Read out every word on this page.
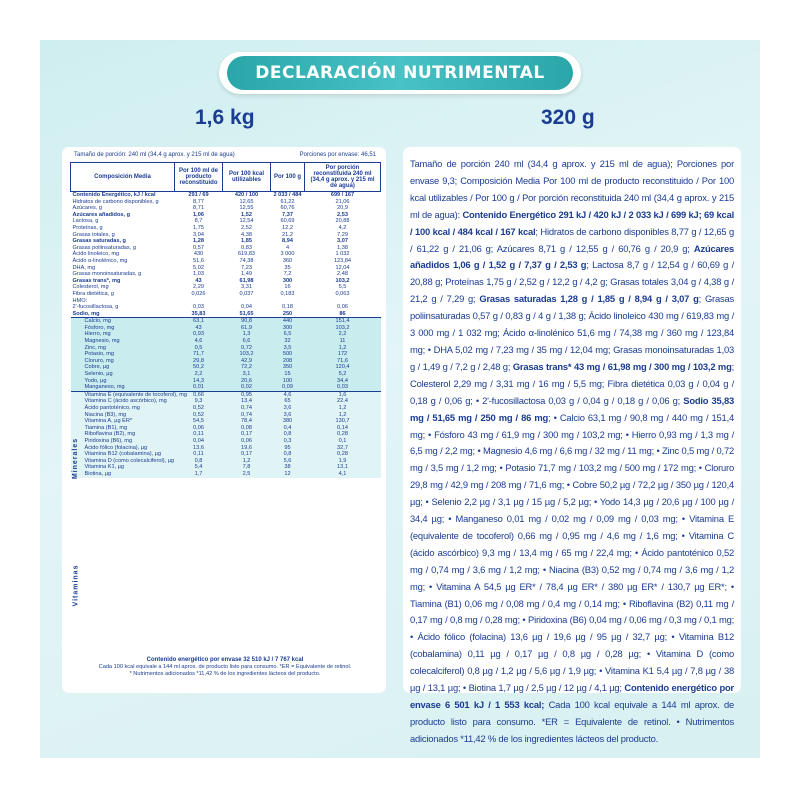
DECLARACIÓN NUTRIMENTAL
1,6 kg	320 g
Tamaño de porción: 240 ml (34,4 g aprox. y 215 ml de agua)	Porciones por envase: 46,51
Composición Media	Por 100 ml de producto reconstituido	Por 100 kcal utilizables	Por 100 g	Por porción reconstituida 240 ml (34,4 g aprox. y 215 ml de agua)
Contenido Energético, kJ / kcal	291 / 69	420 / 100	2 033 / 484	699 / 167
Hidratos de carbono disponibles, g	8,77	12,65	61,22	21,06
Azúcares, g	8,71	12,55	60,76	20,9
Azúcares añadidos, g	1,06	1,52	7,37	2,53
Lactosa, g	8,7	12,54	60,69	20,88
Proteínas, g	1,75	2,52	12,2	4,2
Grasas totales, g	3,04	4,38	21,2	7,29
Grasas saturadas, g	1,28	1,85	8,94	3,07
Grasas poliinsaturadas, g	0,57	0,83	4	1,38
Ácido linoleico, mg	430	619,83	3 000	1 032
Ácido α-linolénico, mg	51,6	74,38	360	123,84
DHA, mg	5,02	7,23	35	12,04
Grasas monoinsaturadas, g	1,03	1,49	7,2	2,48
Grasas trans*, mg	43	61,98	300	103,2
Colesterol, mg	2,29	3,31	16	5,5
Fibra dietética, g	0,026	0,037	0,183	0,063
HMO:				
2'-fucosillactosa, g	0,03	0,04	0,18	0,06
Sodio, mg	35,83	51,65	250	86
Calcio, mg	63,1	90,8	440	151,4
Fósforo, mg	43	61,9	300	103,2
Hierro, mg	0,93	1,3	6,5	2,2
Magnesio, mg	4,6	6,6	32	11
Zinc, mg	0,5	0,72	3,5	1,2
Potasio, mg	71,7	103,2	500	172
Cloruro, mg	29,8	42,9	208	71,6
Cobre, µg	50,2	72,2	350	120,4
Selenio, µg	2,2	3,1	15	5,2
Yodo, µg	14,3	20,6	100	34,4
Manganeso, mg	0,01	0,02	0,09	0,03
Vitamina E (equivalente de tocoferol), mg	0,66	0,95	4,6	1,6
Vitamina C (ácido ascórbico), mg	9,3	13,4	65	22,4
Ácido pantoténico, mg	0,52	0,74	3,6	1,2
Niacina (B3), mg	0,52	0,74	3,6	1,2
Vitamina A, µg ER*	54,5	78,4	380	130,7
Tiamina (B1), mg	0,06	0,08	0,4	0,14
Riboflavina (B2), mg	0,11	0,17	0,8	0,28
Piridoxina (B6), mg	0,04	0,06	0,3	0,1
Ácido fólico (folacina), µg	13,6	19,6	95	32,7
Vitamina B12 (cobalamina), µg	0,11	0,17	0,8	0,28
Vitamina D (como colecalciferol), µg	0,8	1,2	5,6	1,9
Vitamina K1, µg	5,4	7,8	38	13,1
Biotina, µg	1,7	2,5	12	4,1
Minerales
Vitaminas
Contenido energético por envase 32 510 kJ / 7 767 kcal
Cada 100 kcal equivale a 144 ml aprox. de producto listo para consumo. *ER = Equivalente de retinol.
* Nutrimentos adicionados *11,42 % de los ingredientes lácteos del producto.
Tamaño de porción 240 ml (34,4 g aprox. y 215 ml de agua); Porciones por envase 9,3; Composición Media Por 100 ml de producto reconstituido / Por 100 kcal utilizables / Por 100 g / Por porción reconstituida 240 ml (34,4 g aprox. y 215 ml de agua): Contenido Energético 291 kJ / 420 kJ / 2 033 kJ / 699 kJ; 69 kcal / 100 kcal / 484 kcal / 167 kcal; Hidratos de carbono disponibles 8,77 g / 12,65 g / 61,22 g / 21,06 g; Azúcares 8,71 g / 12,55 g / 60,76 g / 20,9 g; Azúcares añadidos 1,06 g / 1,52 g / 7,37 g / 2,53 g; Lactosa 8,7 g / 12,54 g / 60,69 g / 20,88 g; Proteínas 1,75 g / 2,52 g / 12,2 g / 4,2 g; Grasas totales 3,04 g / 4,38 g / 21,2 g / 7,29 g; Grasas saturadas 1,28 g / 1,85 g / 8,94 g / 3,07 g; Grasas poliinsaturadas 0,57 g / 0,83 g / 4 g / 1,38 g; Ácido linoleico 430 mg / 619,83 mg / 3 000 mg / 1 032 mg; Ácido α-linolénico 51,6 mg / 74,38 mg / 360 mg / 123,84 mg; • DHA 5,02 mg / 7,23 mg / 35 mg / 12,04 mg; Grasas monoinsaturadas 1,03 g / 1,49 g / 7,2 g / 2,48 g; Grasas trans* 43 mg / 61,98 mg / 300 mg / 103,2 mg; Colesterol 2,29 mg / 3,31 mg / 16 mg / 5,5 mg; Fibra dietética 0,03 g / 0,04 g / 0,18 g / 0,06 g; • 2'-fucosillactosa 0,03 g / 0,04 g / 0,18 g / 0,06 g; Sodio 35,83 mg / 51,65 mg / 250 mg / 86 mg; • Calcio 63,1 mg / 90,8 mg / 440 mg / 151,4 mg; • Fósforo 43 mg / 61,9 mg / 300 mg / 103,2 mg; • Hierro 0,93 mg / 1,3 mg / 6,5 mg / 2,2 mg; • Magnesio 4,6 mg / 6,6 mg / 32 mg / 11 mg; • Zinc 0,5 mg / 0,72 mg / 3,5 mg / 1,2 mg; • Potasio 71,7 mg / 103,2 mg / 500 mg / 172 mg; • Cloruro 29,8 mg / 42,9 mg / 208 mg / 71,6 mg; • Cobre 50,2 µg / 72,2 µg / 350 µg / 120,4 µg; • Selenio 2,2 µg / 3,1 µg / 15 µg / 5,2 µg; • Yodo 14,3 µg / 20,6 µg / 100 µg / 34,4 µg; • Manganeso 0,01 mg / 0,02 mg / 0,09 mg / 0,03 mg; • Vitamina E (equivalente de tocoferol) 0,66 mg / 0,95 mg / 4,6 mg / 1,6 mg; • Vitamina C (ácido ascórbico) 9,3 mg / 13,4 mg / 65 mg / 22,4 mg; • Ácido pantoténico 0,52 mg / 0,74 mg / 3,6 mg / 1,2 mg; • Niacina (B3) 0,52 mg / 0,74 mg / 3,6 mg / 1,2 mg; • Vitamina A 54,5 µg ER* / 78,4 µg ER* / 380 µg ER* / 130,7 µg ER*; • Tiamina (B1) 0,06 mg / 0,08 mg / 0,4 mg / 0,14 mg; • Riboflavina (B2) 0,11 mg / 0,17 mg / 0,8 mg / 0,28 mg; • Piridoxina (B6) 0,04 mg / 0,06 mg / 0,3 mg / 0,1 mg; • Ácido fólico (folacina) 13,6 µg / 19,6 µg / 95 µg / 32,7 µg; • Vitamina B12 (cobalamina) 0,11 µg / 0,17 µg / 0,8 µg / 0,28 µg; • Vitamina D (como colecalciferol) 0,8 µg / 1,2 µg / 5,6 µg / 1,9 µg; • Vitamina K1 5,4 µg / 7,8 µg / 38 µg / 13,1 µg; • Biotina 1,7 µg / 2,5 µg / 12 µg / 4,1 µg; Contenido energético por envase 6 501 kJ / 1 553 kcal; Cada 100 kcal equivale a 144 ml aprox. de producto listo para consumo. *ER = Equivalente de retinol. • Nutrimentos adicionados *11,42 % de los ingredientes lácteos del producto.
